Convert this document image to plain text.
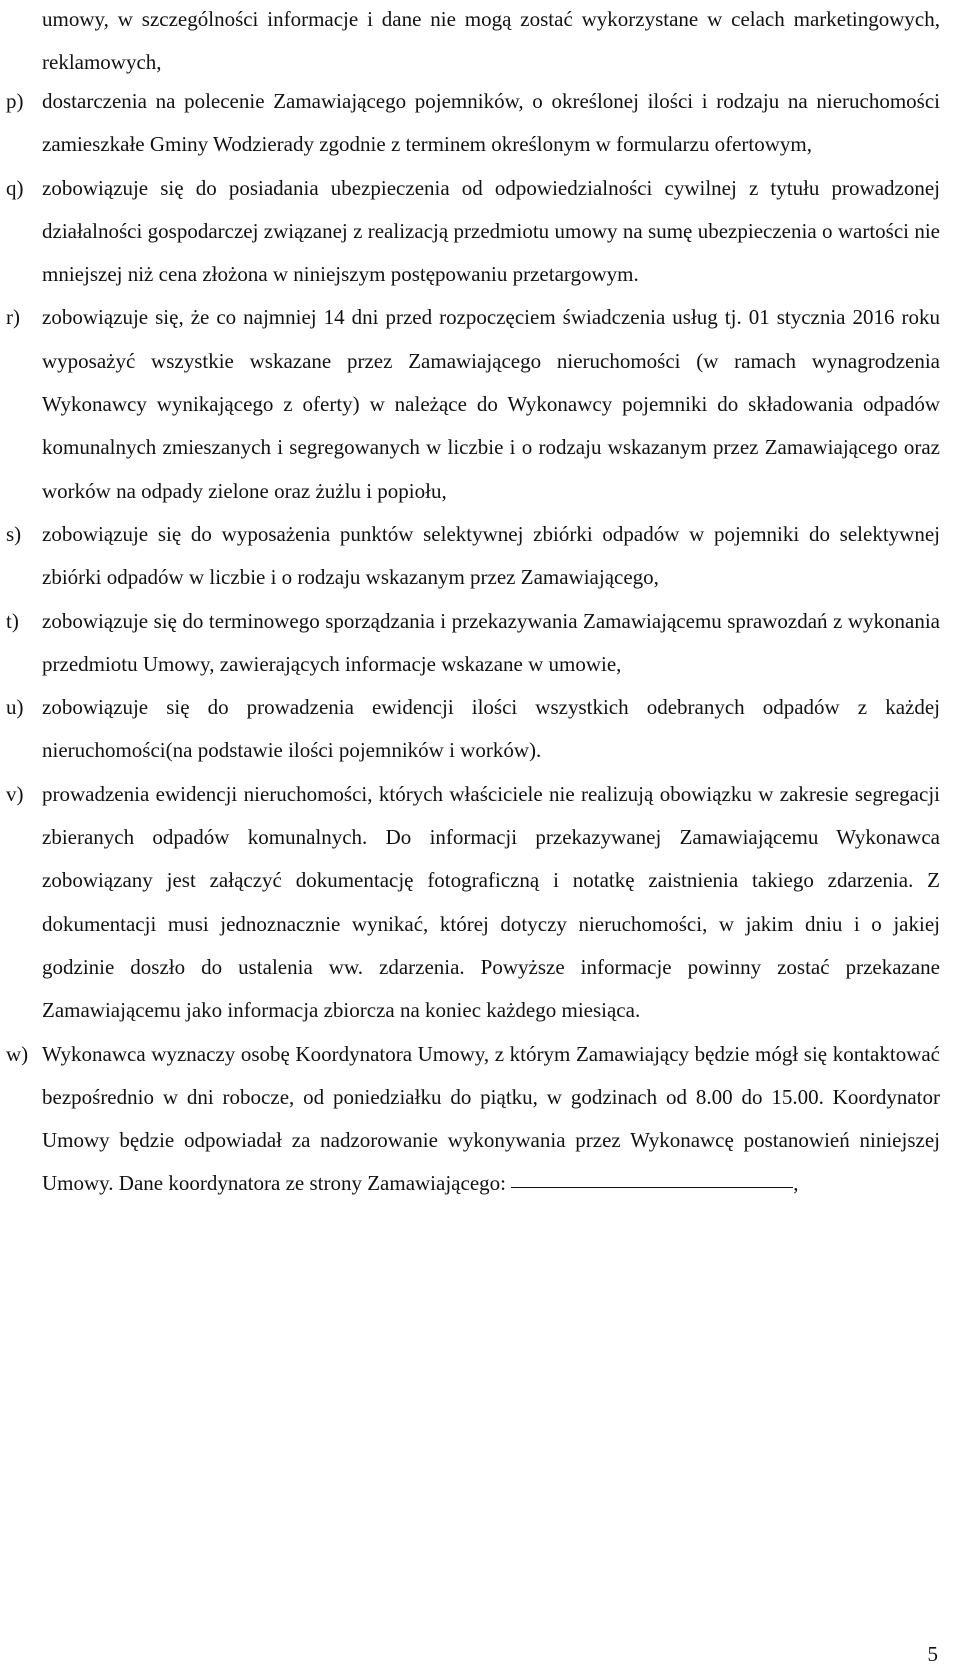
umowy, w szczególności informacje i dane nie mogą zostać wykorzystane w celach marketingowych, reklamowych,

p) dostarczenia na polecenie Zamawiającego pojemników, o określonej ilości i rodzaju na nieruchomości zamieszkałe Gminy Wodzierady zgodnie z terminem określonym w formularzu ofertowym,
q) zobowiązuje się do posiadania ubezpieczenia od odpowiedzialności cywilnej z tytułu prowadzonej działalności gospodarczej związanej z realizacją przedmiotu umowy na sumę ubezpieczenia o wartości nie mniejszej niż cena złożona w niniejszym postępowaniu przetargowym.
r) zobowiązuje się, że co najmniej 14 dni przed rozpoczęciem świadczenia usług tj. 01 stycznia 2016 roku wyposażyć wszystkie wskazane przez Zamawiającego nieruchomości (w ramach wynagrodzenia Wykonawcy wynikającego z oferty) w należące do Wykonawcy pojemniki do składowania odpadów komunalnych zmieszanych i segregowanych w liczbie i o rodzaju wskazanym przez Zamawiającego oraz worków na odpady zielone oraz żużlu i popiołu,
s) zobowiązuje się do wyposażenia punktów selektywnej zbiórki odpadów w pojemniki do selektywnej zbiórki odpadów w liczbie i o rodzaju wskazanym przez Zamawiającego,
t) zobowiązuje się do terminowego sporządzania i przekazywania Zamawiającemu sprawozdań z wykonania przedmiotu Umowy, zawierających informacje wskazane w umowie,
u) zobowiązuje się do prowadzenia ewidencji ilości wszystkich odebranych odpadów z każdej nieruchomości(na podstawie ilości pojemników i worków).
v) prowadzenia ewidencji nieruchomości, których właściciele nie realizują obowiązku w zakresie segregacji zbieranych odpadów komunalnych. Do informacji przekazywanej Zamawiającemu Wykonawca zobowiązany jest załączyć dokumentację fotograficzną i notatkę zaistnienia takiego zdarzenia. Z dokumentacji musi jednoznacznie wynikać, której dotyczy nieruchomości, w jakim dniu i o jakiej godzinie doszło do ustalenia ww. zdarzenia. Powyższe informacje powinny zostać przekazane Zamawiającemu jako informacja zbiorcza na koniec każdego miesiąca.
w) Wykonawca wyznaczy osobę Koordynatora Umowy, z którym Zamawiający będzie mógł się kontaktować bezpośrednio w dni robocze, od poniedziałku do piątku, w godzinach od 8.00 do 15.00. Koordynator Umowy będzie odpowiadał za nadzorowanie wykonywania przez Wykonawcę postanowień niniejszej Umowy. Dane koordynatora ze strony Zamawiającego:	,
5
